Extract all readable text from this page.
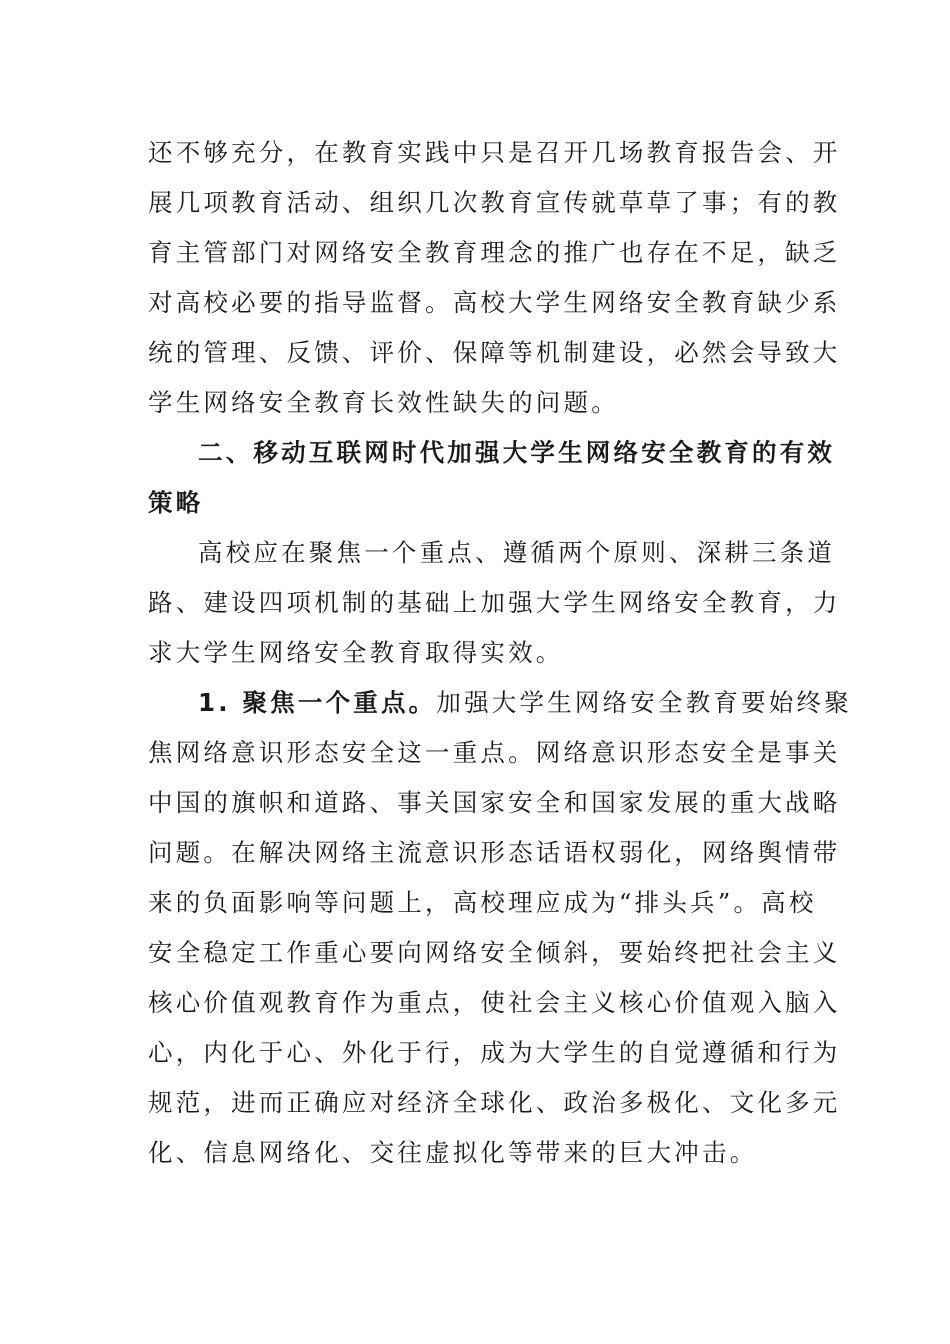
还不够充分，在教育实践中只是召开几场教育报告会、开
展几项教育活动、组织几次教育宣传就草草了事；有的教
育主管部门对网络安全教育理念的推广也存在不足，缺乏
对高校必要的指导监督。高校大学生网络安全教育缺少系
统的管理、反馈、评价、保障等机制建设，必然会导致大
学生网络安全教育长效性缺失的问题。
二、移动互联网时代加强大学生网络安全教育的有效
策略
高校应在聚焦一个重点、遵循两个原则、深耕三条道
路、建设四项机制的基础上加强大学生网络安全教育，力
求大学生网络安全教育取得实效。
1. 聚焦一个重点。加强大学生网络安全教育要始终聚
焦网络意识形态安全这一重点。网络意识形态安全是事关
中国的旗帜和道路、事关国家安全和国家发展的重大战略
问题。在解决网络主流意识形态话语权弱化，网络舆情带
来的负面影响等问题上，高校理应成为“排头兵”。高校
安全稳定工作重心要向网络安全倾斜，要始终把社会主义
核心价值观教育作为重点，使社会主义核心价值观入脑入
心，内化于心、外化于行，成为大学生的自觉遵循和行为
规范，进而正确应对经济全球化、政治多极化、文化多元
化、信息网络化、交往虚拟化等带来的巨大冲击。
